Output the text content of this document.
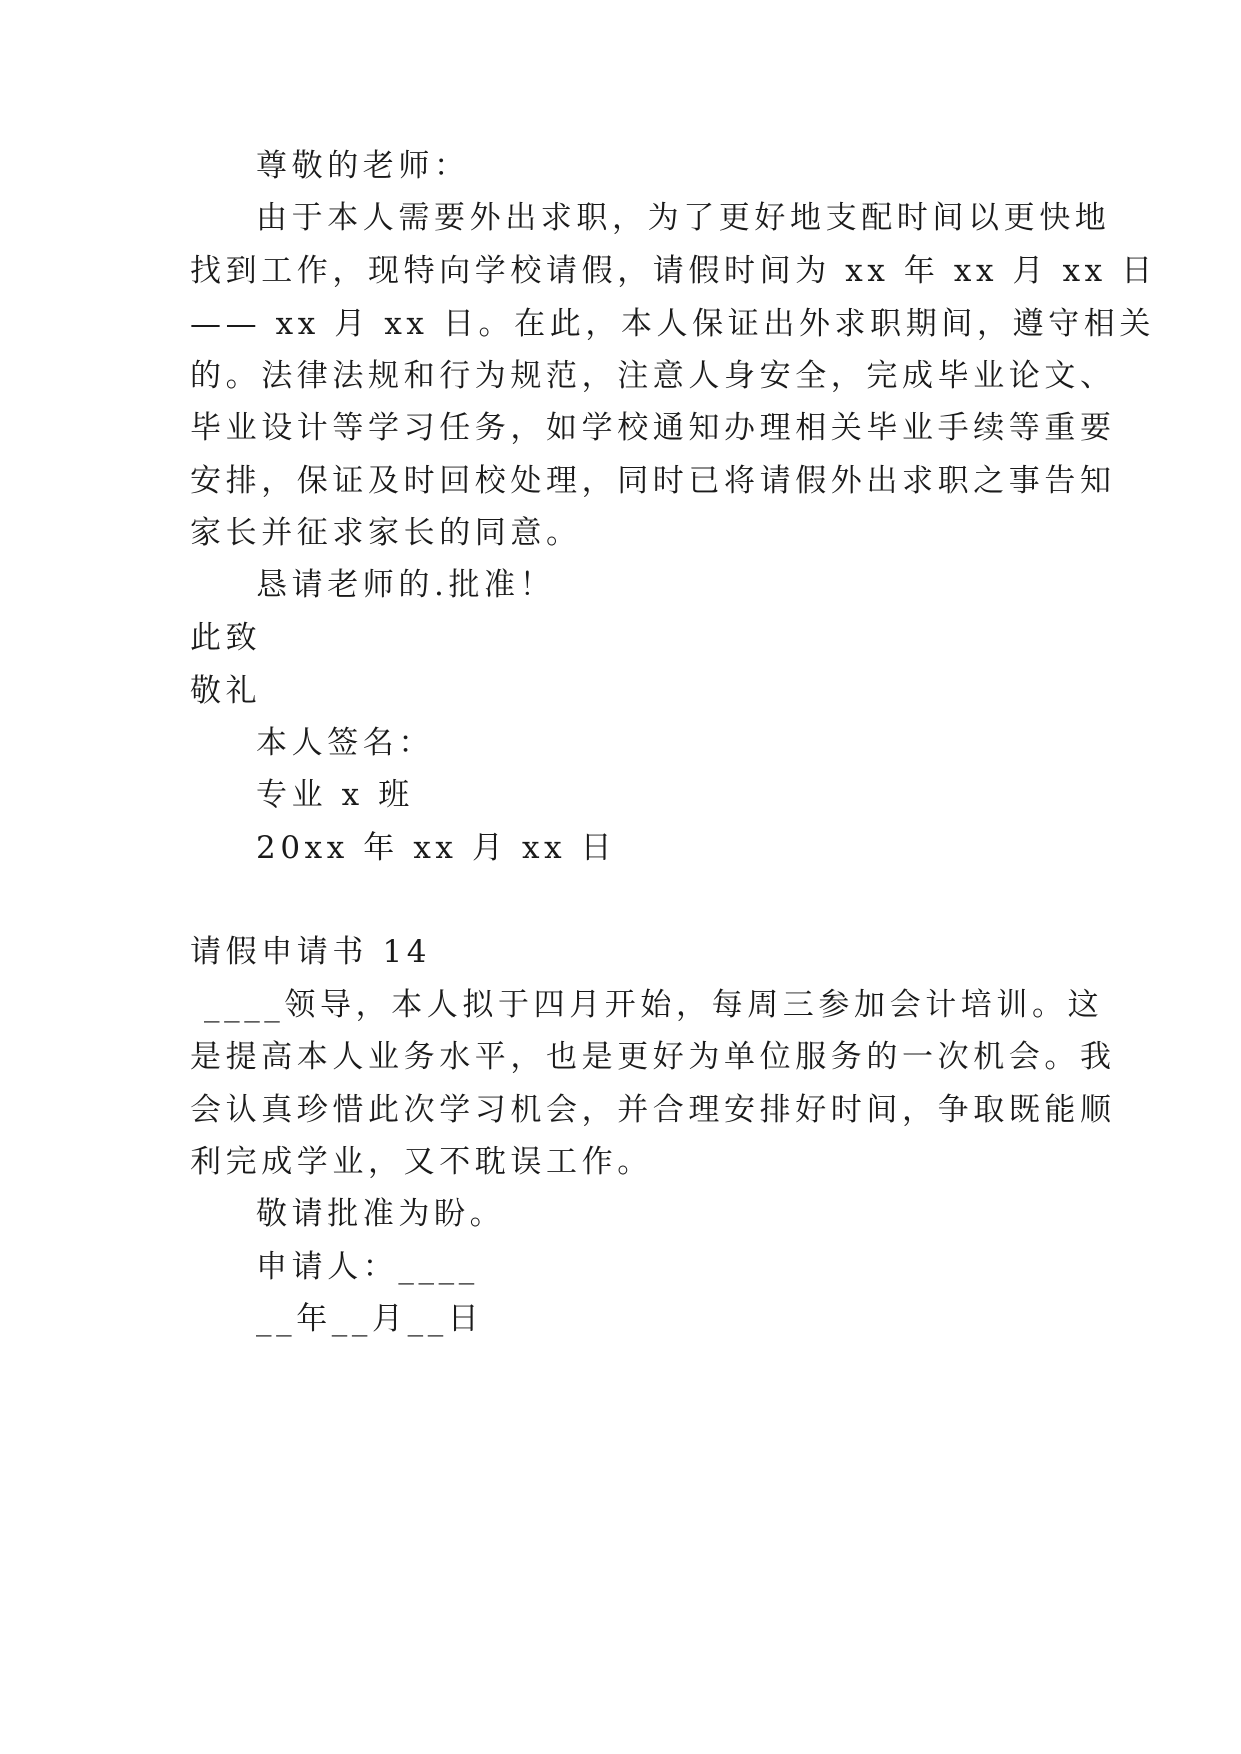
尊敬的老师：
由于本人需要外出求职，为了更好地支配时间以更快地
找到工作，现特向学校请假，请假时间为 xx 年 xx 月 xx 日
—— xx 月 xx 日。在此，本人保证出外求职期间，遵守相关
的。法律法规和行为规范，注意人身安全，完成毕业论文、
毕业设计等学习任务，如学校通知办理相关毕业手续等重要
安排，保证及时回校处理，同时已将请假外出求职之事告知
家长并征求家长的同意。
恳请老师的.批准！
此致
敬礼
本人签名：
专业 x 班
20xx 年 xx 月 xx 日
请假申请书 14
____领导，本人拟于四月开始，每周三参加会计培训。这
是提高本人业务水平，也是更好为单位服务的一次机会。我
会认真珍惜此次学习机会，并合理安排好时间，争取既能顺
利完成学业，又不耽误工作。
敬请批准为盼。
申请人：____
__年__月__日
